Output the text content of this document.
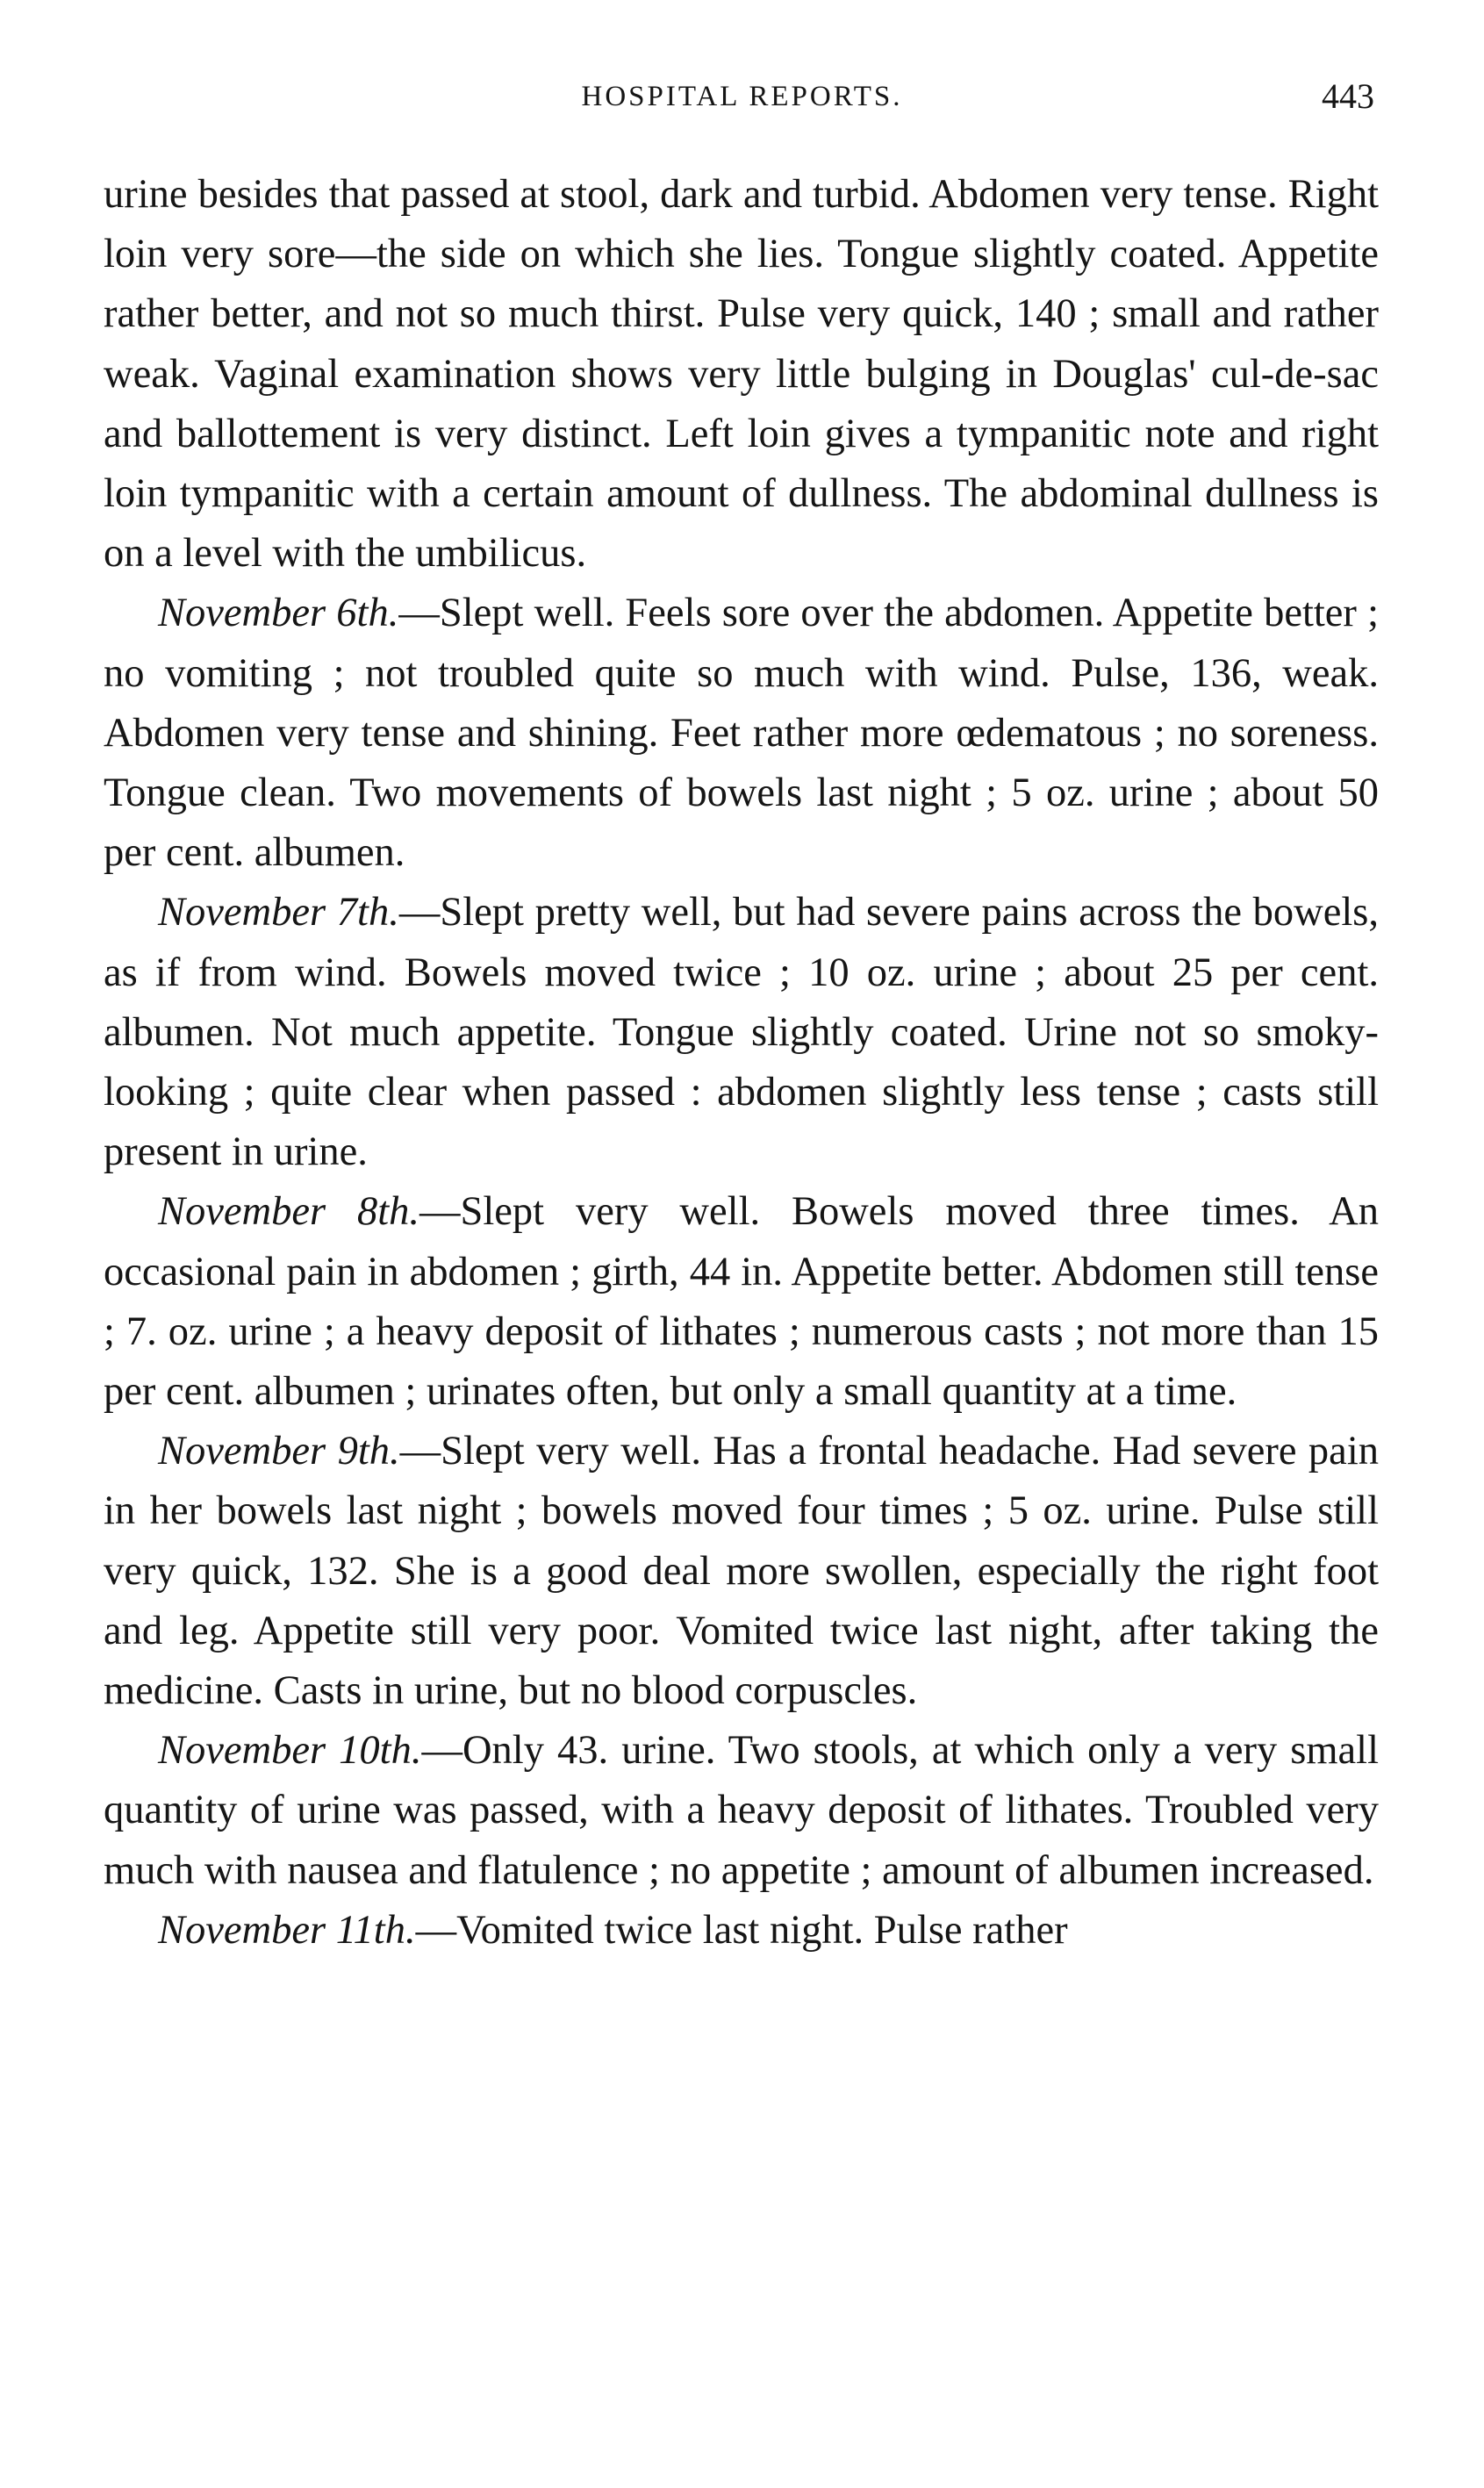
HOSPITAL REPORTS.	443

urine besides that passed at stool, dark and turbid. Abdomen very tense. Right loin very sore—the side on which she lies. Tongue slightly coated. Appetite rather better, and not so much thirst. Pulse very quick, 140 ; small and rather weak. Vaginal examination shows very little bulging in Douglas' cul-de-sac and ballottement is very distinct. Left loin gives a tympanitic note and right loin tympanitic with a certain amount of dullness. The abdominal dullness is on a level with the umbilicus.

November 6th.—Slept well. Feels sore over the abdomen. Appetite better ; no vomiting ; not troubled quite so much with wind. Pulse, 136, weak. Abdomen very tense and shining. Feet rather more œdematous ; no soreness. Tongue clean. Two movements of bowels last night ; 5 oz. urine ; about 50 per cent. albumen.

November 7th.—Slept pretty well, but had severe pains across the bowels, as if from wind. Bowels moved twice ; 10 oz. urine ; about 25 per cent. albumen. Not much appetite. Tongue slightly coated. Urine not so smoky-looking ; quite clear when passed : abdomen slightly less tense ; casts still present in urine.

November 8th.—Slept very well. Bowels moved three times. An occasional pain in abdomen ; girth, 44 in. Appetite better. Abdomen still tense ; 7. oz. urine ; a heavy deposit of lithates ; numerous casts ; not more than 15 per cent. albumen ; urinates often, but only a small quantity at a time.

November 9th.—Slept very well. Has a frontal headache. Had severe pain in her bowels last night ; bowels moved four times ; 5 oz. urine. Pulse still very quick, 132. She is a good deal more swollen, especially the right foot and leg. Appetite still very poor. Vomited twice last night, after taking the medicine. Casts in urine, but no blood corpuscles.

November 10th.—Only 43. urine. Two stools, at which only a very small quantity of urine was passed, with a heavy deposit of lithates. Troubled very much with nausea and flatulence ; no appetite ; amount of albumen increased.

November 11th.—Vomited twice last night. Pulse rather
